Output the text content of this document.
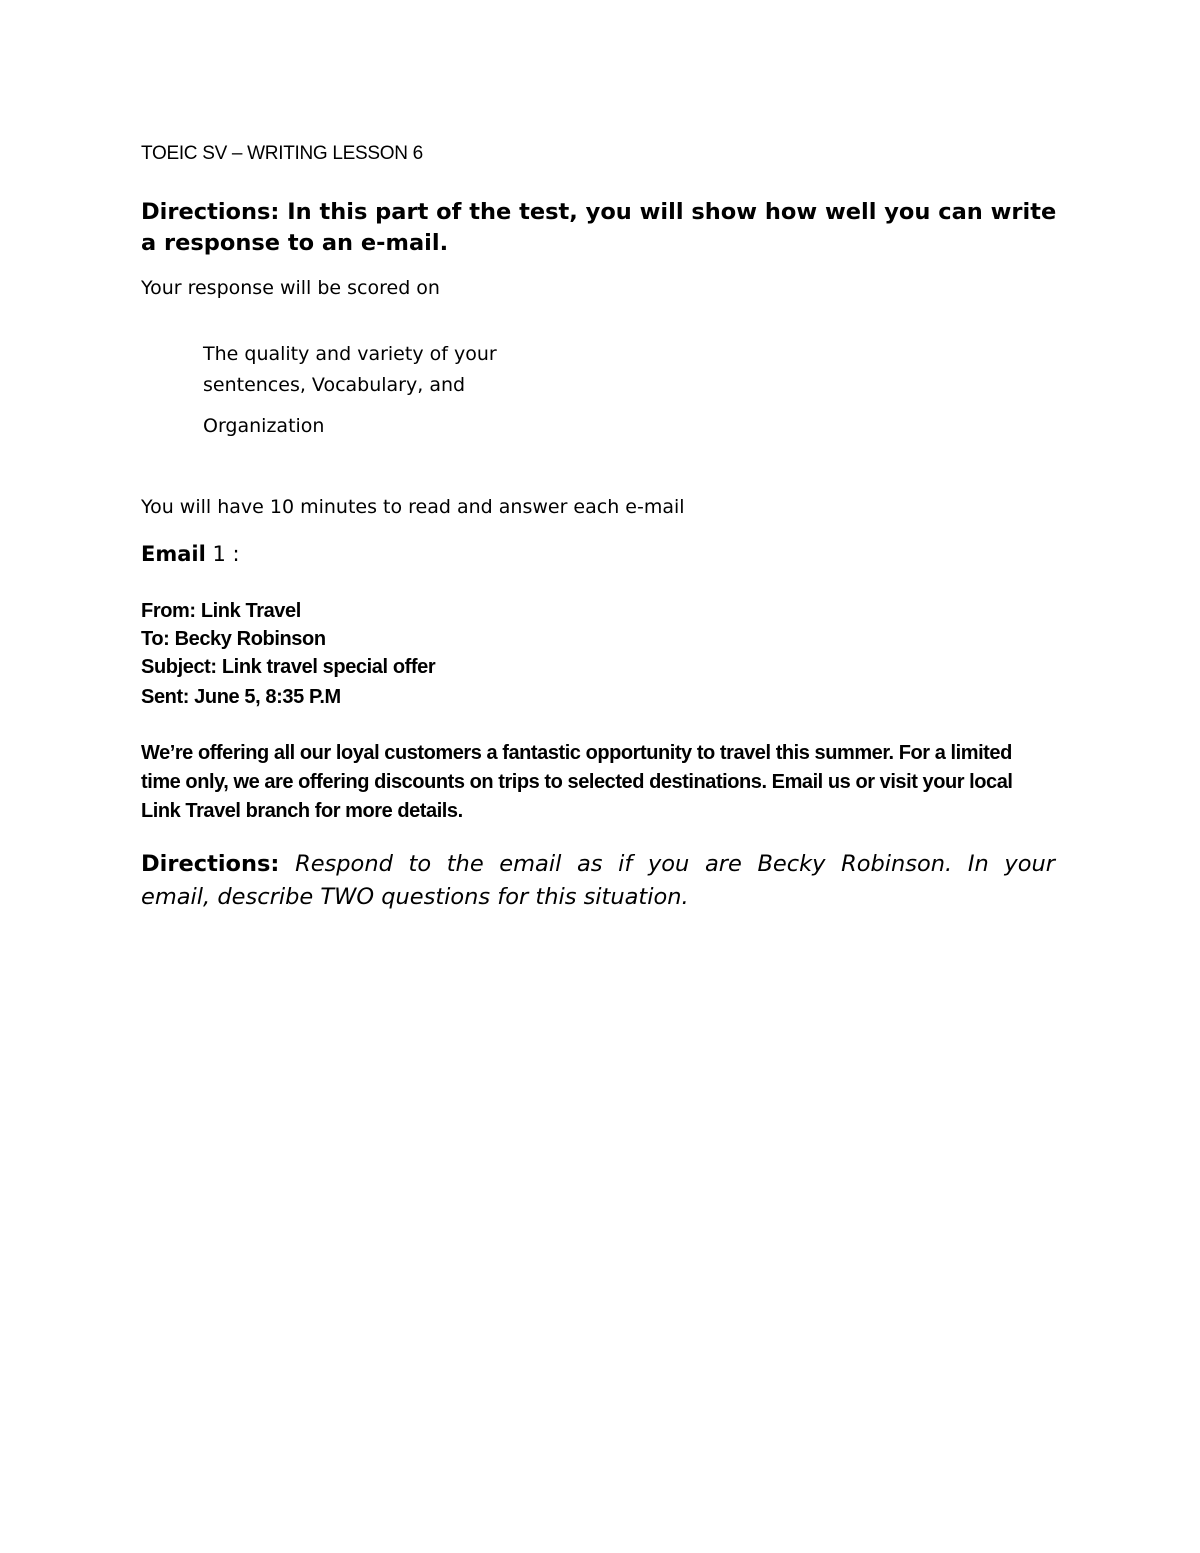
TOEIC SV – WRITING LESSON 6
Directions: In this part of the test, you will show how well you can write a response to an e-mail.
Your response will be scored on
The quality and variety of your
sentences, Vocabulary, and
Organization
You will have 10 minutes to read and answer each e-mail
Email 1 :
From: Link Travel
To: Becky Robinson
Subject: Link travel special offer
Sent: June 5, 8:35 P.M
We’re offering all our loyal customers a fantastic opportunity to travel this summer. For a limited
time only, we are offering discounts on trips to selected destinations. Email us or visit your local
Link Travel branch for more details.
Directions: Respond to the email as if you are Becky Robinson. In your
email, describe TWO questions for this situation.
